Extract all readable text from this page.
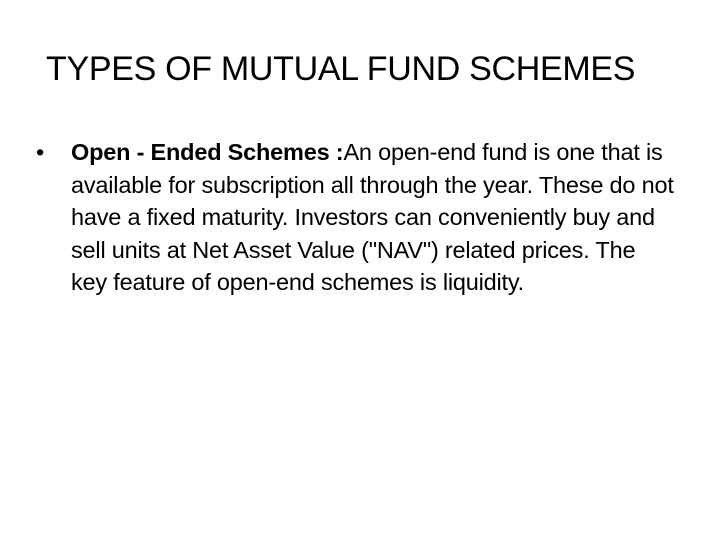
TYPES OF MUTUAL FUND SCHEMES
•	Open - Ended Schemes :An open-end fund is one that is available for subscription all through the year. These do not have a fixed maturity. Investors can conveniently buy and sell units at Net Asset Value ("NAV") related prices. The key feature of open-end schemes is liquidity.
